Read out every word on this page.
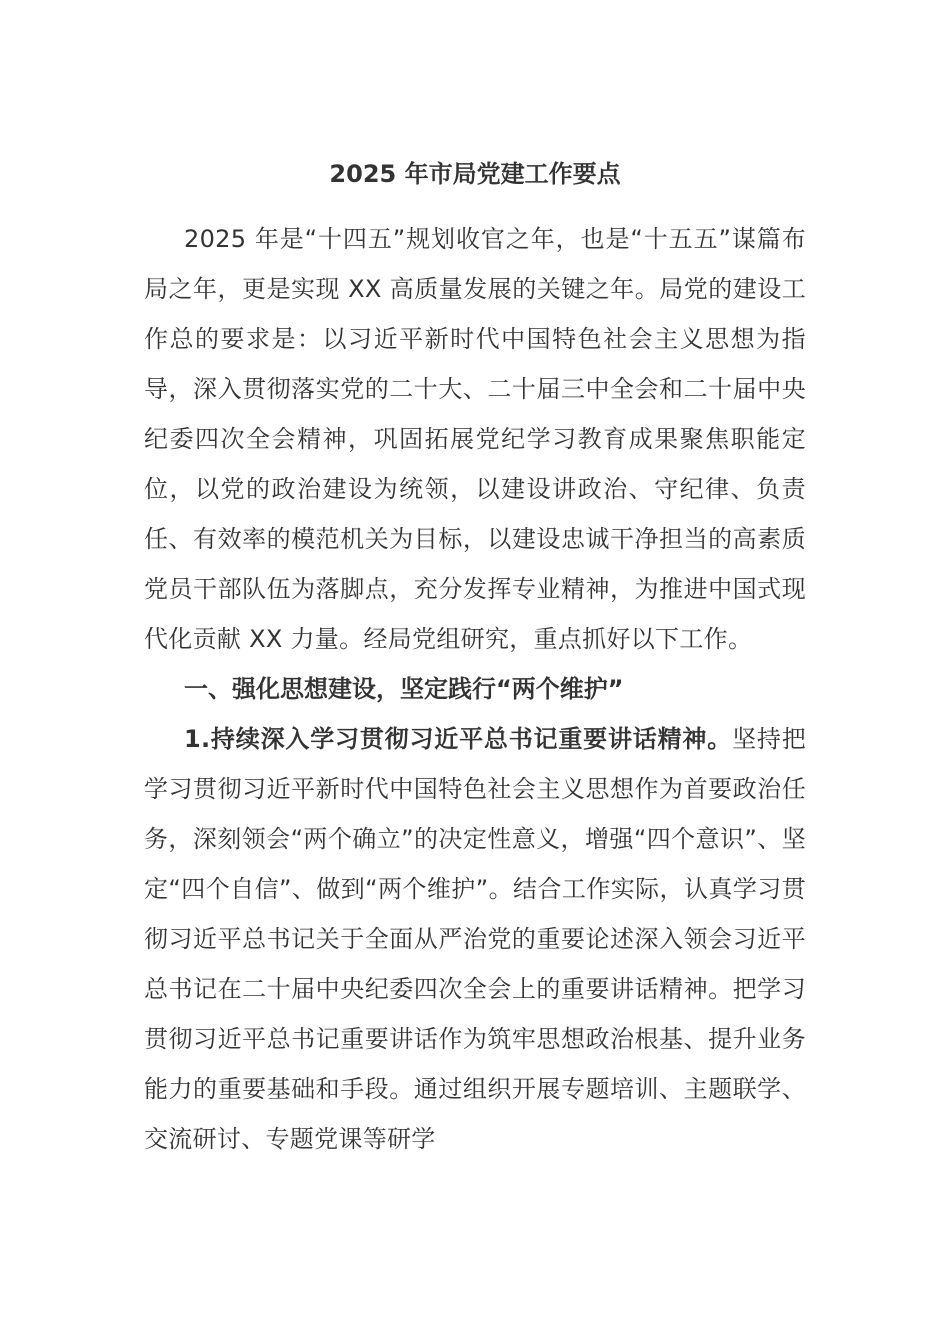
2025 年市局党建工作要点

2025 年是“十四五”规划收官之年，也是“十五五”谋篇布局之年，更是实现 XX 高质量发展的关键之年。局党的建设工作总的要求是：以习近平新时代中国特色社会主义思想为指导，深入贯彻落实党的二十大、二十届三中全会和二十届中央纪委四次全会精神，巩固拓展党纪学习教育成果聚焦职能定位，以党的政治建设为统领，以建设讲政治、守纪律、负责任、有效率的模范机关为目标，以建设忠诚干净担当的高素质党员干部队伍为落脚点，充分发挥专业精神，为推进中国式现代化贡献 XX 力量。经局党组研究，重点抓好以下工作。

一、强化思想建设，坚定践行“两个维护”

1.持续深入学习贯彻习近平总书记重要讲话精神。坚持把学习贯彻习近平新时代中国特色社会主义思想作为首要政治任务，深刻领会“两个确立”的决定性意义，增强“四个意识”、坚定“四个自信”、做到“两个维护”。结合工作实际，认真学习贯彻习近平总书记关于全面从严治党的重要论述深入领会习近平总书记在二十届中央纪委四次全会上的重要讲话精神。把学习贯彻习近平总书记重要讲话作为筑牢思想政治根基、提升业务能力的重要基础和手段。通过组织开展专题培训、主题联学、交流研讨、专题党课等研学
